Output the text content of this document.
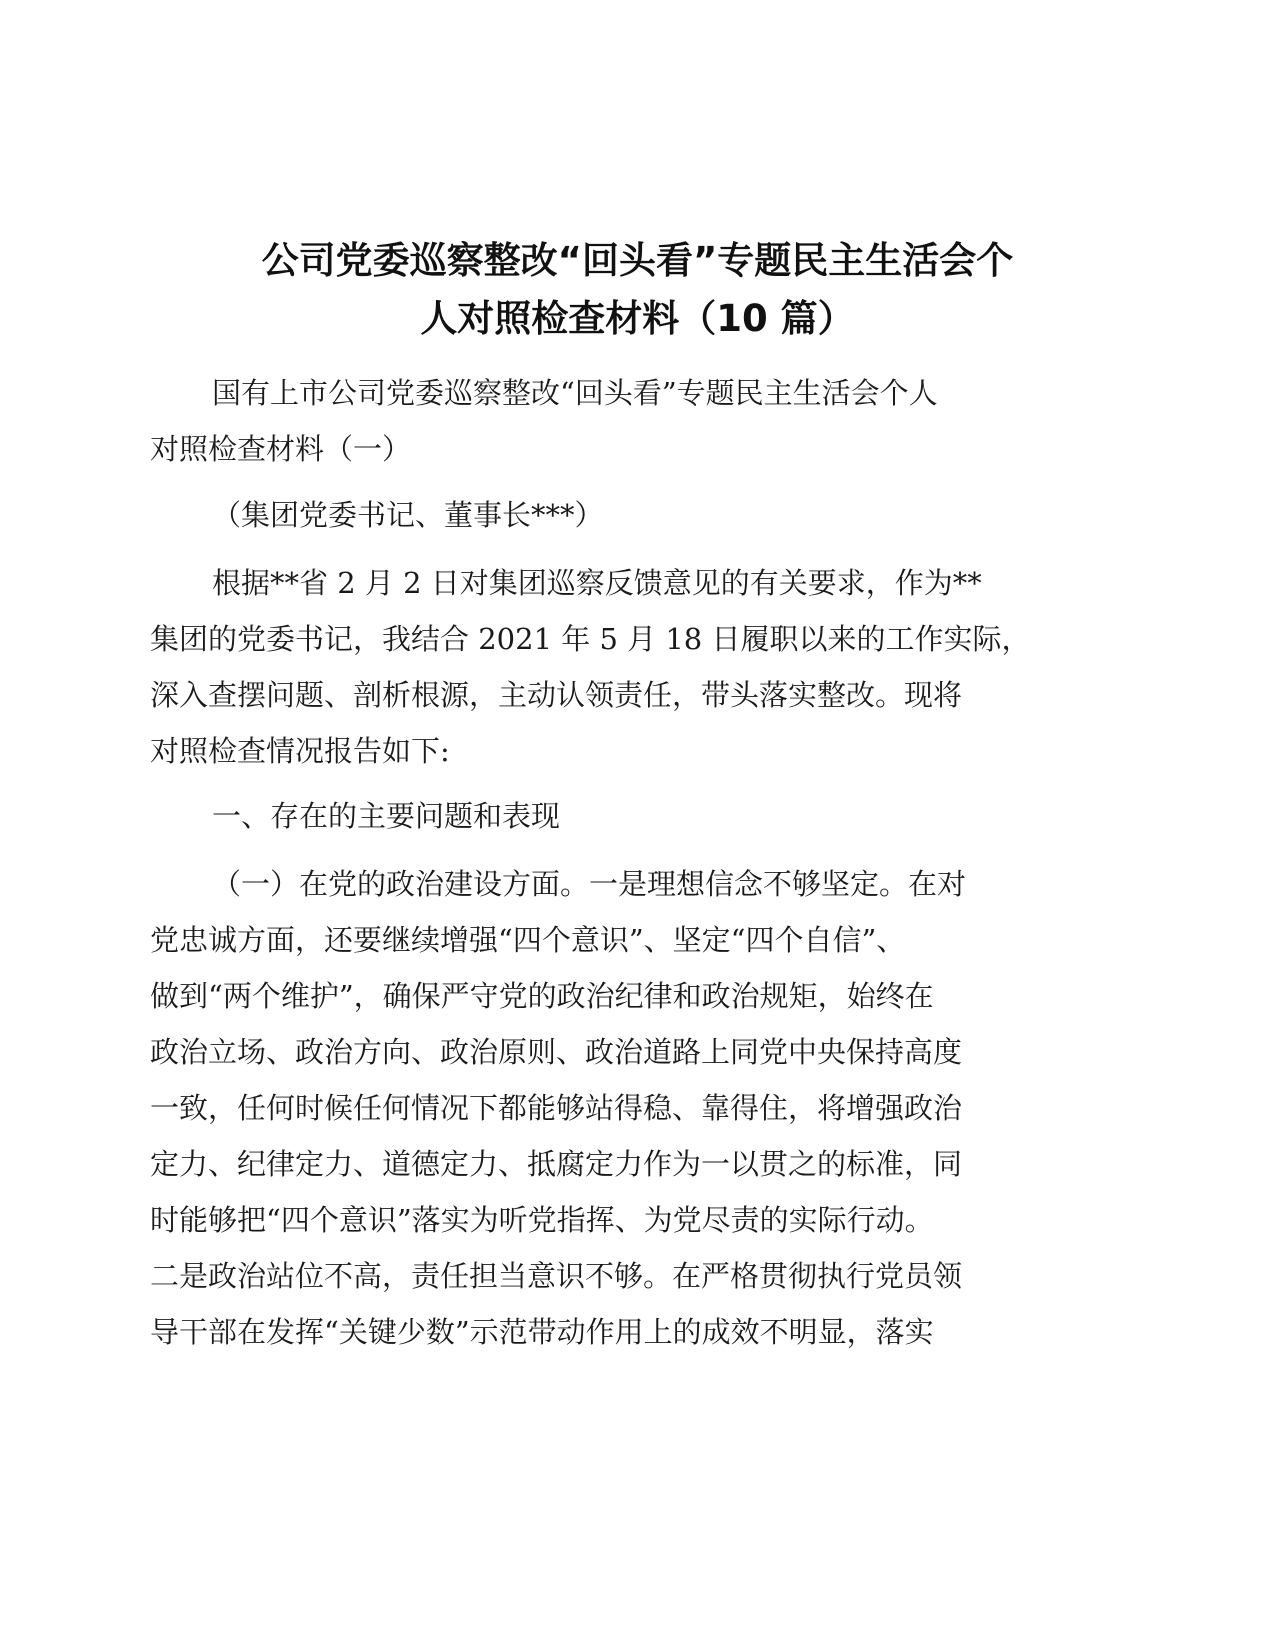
公司党委巡察整改“回头看”专题民主生活会个
人对照检查材料（10 篇）

国有上市公司党委巡察整改“回头看”专题民主生活会个人
对照检查材料（一）

（集团党委书记、董事长***）

根据**省 2 月 2 日对集团巡察反馈意见的有关要求，作为**
集团的党委书记，我结合 2021 年 5 月 18 日履职以来的工作实际，
深入查摆问题、剖析根源，主动认领责任，带头落实整改。现将
对照检查情况报告如下:

一、存在的主要问题和表现

（一）在党的政治建设方面。一是理想信念不够坚定。在对
党忠诚方面，还要继续增强“四个意识”、坚定“四个自信”、
做到“两个维护”，确保严守党的政治纪律和政治规矩，始终在
政治立场、政治方向、政治原则、政治道路上同党中央保持高度
一致，任何时候任何情况下都能够站得稳、靠得住，将增强政治
定力、纪律定力、道德定力、抵腐定力作为一以贯之的标准，同
时能够把“四个意识”落实为听党指挥、为党尽责的实际行动。
二是政治站位不高，责任担当意识不够。在严格贯彻执行党员领
导干部在发挥“关键少数”示范带动作用上的成效不明显，落实
